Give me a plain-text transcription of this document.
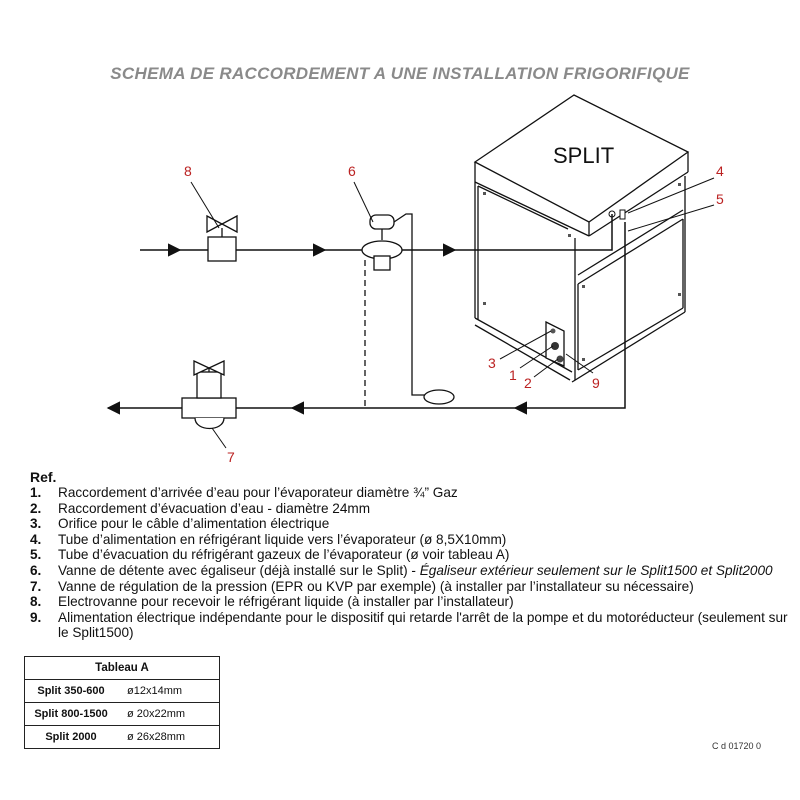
SCHEMA DE RACCORDEMENT A UNE INSTALLATION FRIGORIFIQUE
SPLIT
8	6	4
5
3
1 2	9
7
Ref.
1.	Raccordement d’arrivée d’eau pour l’évaporateur diamètre ¾” Gaz
2.	Raccordement d’évacuation d’eau - diamètre 24mm
3.	Orifice pour le câble d’alimentation électrique
4.	Tube d’alimentation en réfrigérant liquide vers l’évaporateur (ø 8,5X10mm)
5.	Tube d’évacuation du réfrigérant gazeux de l’évaporateur (ø voir tableau A)
6.	Vanne de détente avec égaliseur (déjà installé sur le Split) - Égaliseur extérieur seulement sur le Split1500 et Split2000
7.	Vanne de régulation de la pression (EPR ou KVP par exemple) (à installer par l’installateur su nécessaire)
8.	Electrovanne pour recevoir le réfrigérant liquide (à installer par l’installateur)
9.	Alimentation électrique indépendante pour le dispositif qui retarde l'arrêt de la pompe et du motoréducteur (seulement sur le Split1500)
Tableau A	
Split 350-600	ø12x14mm
Split 800-1500	ø 20x22mm
Split 2000	ø 26x28mm
C d 01720 0
